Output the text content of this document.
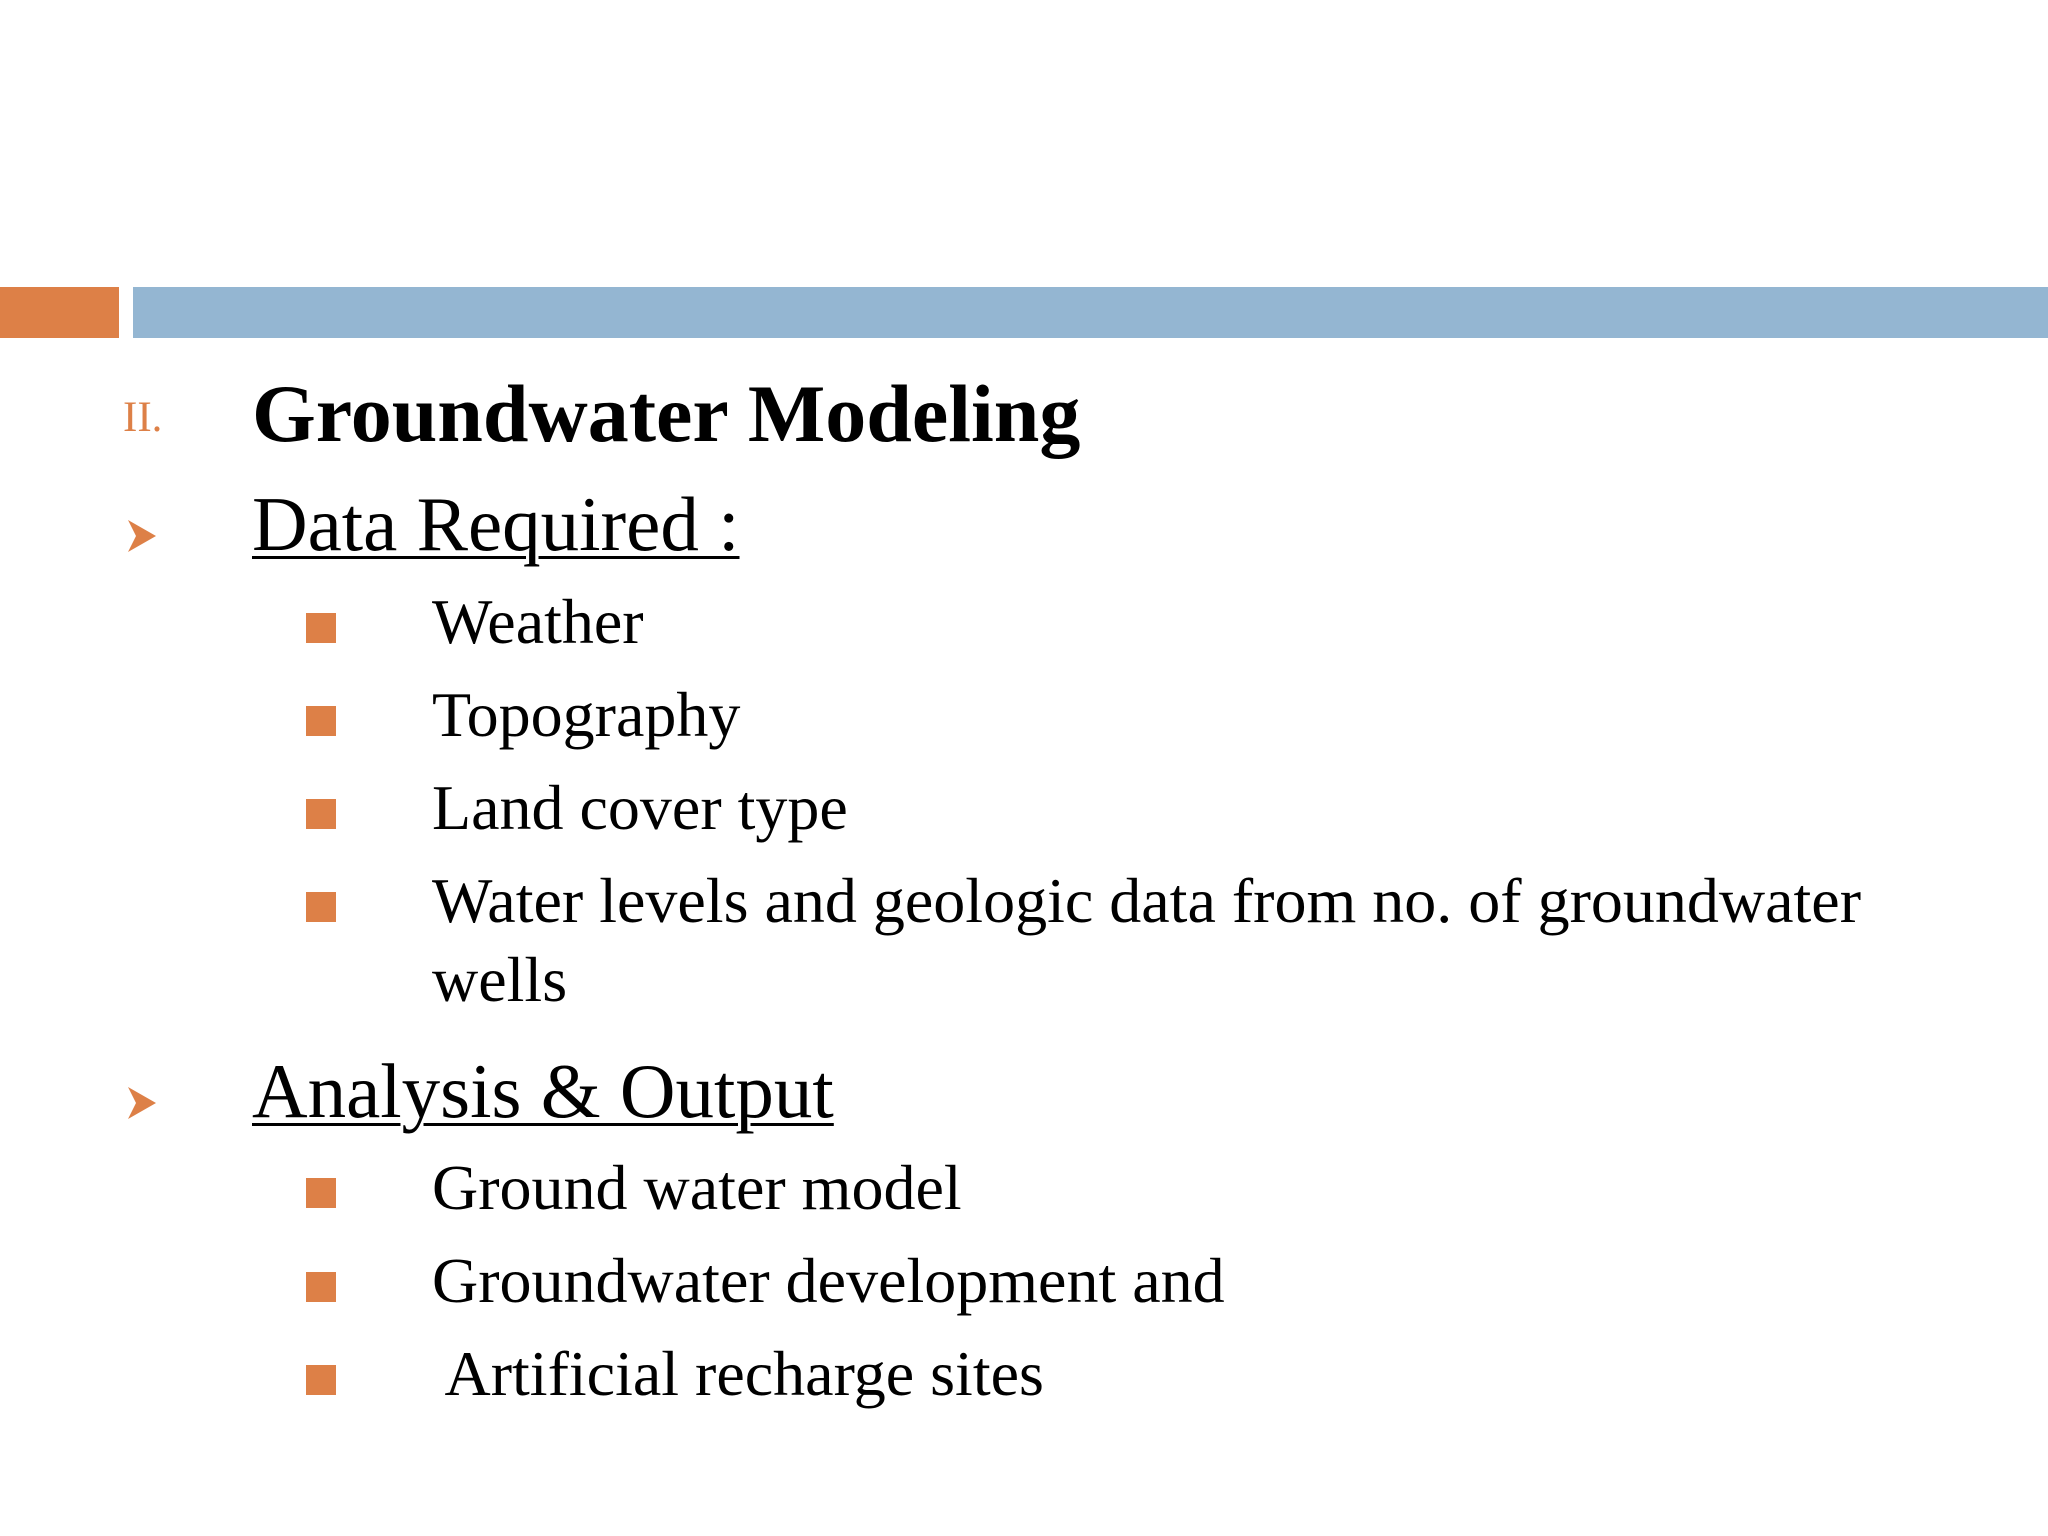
II. Groundwater Modeling
Data Required :
Weather
Topography
Land cover type
Water levels and geologic data from no. of groundwater wells
Analysis & Output
Ground water model
Groundwater development and
Artificial recharge sites
